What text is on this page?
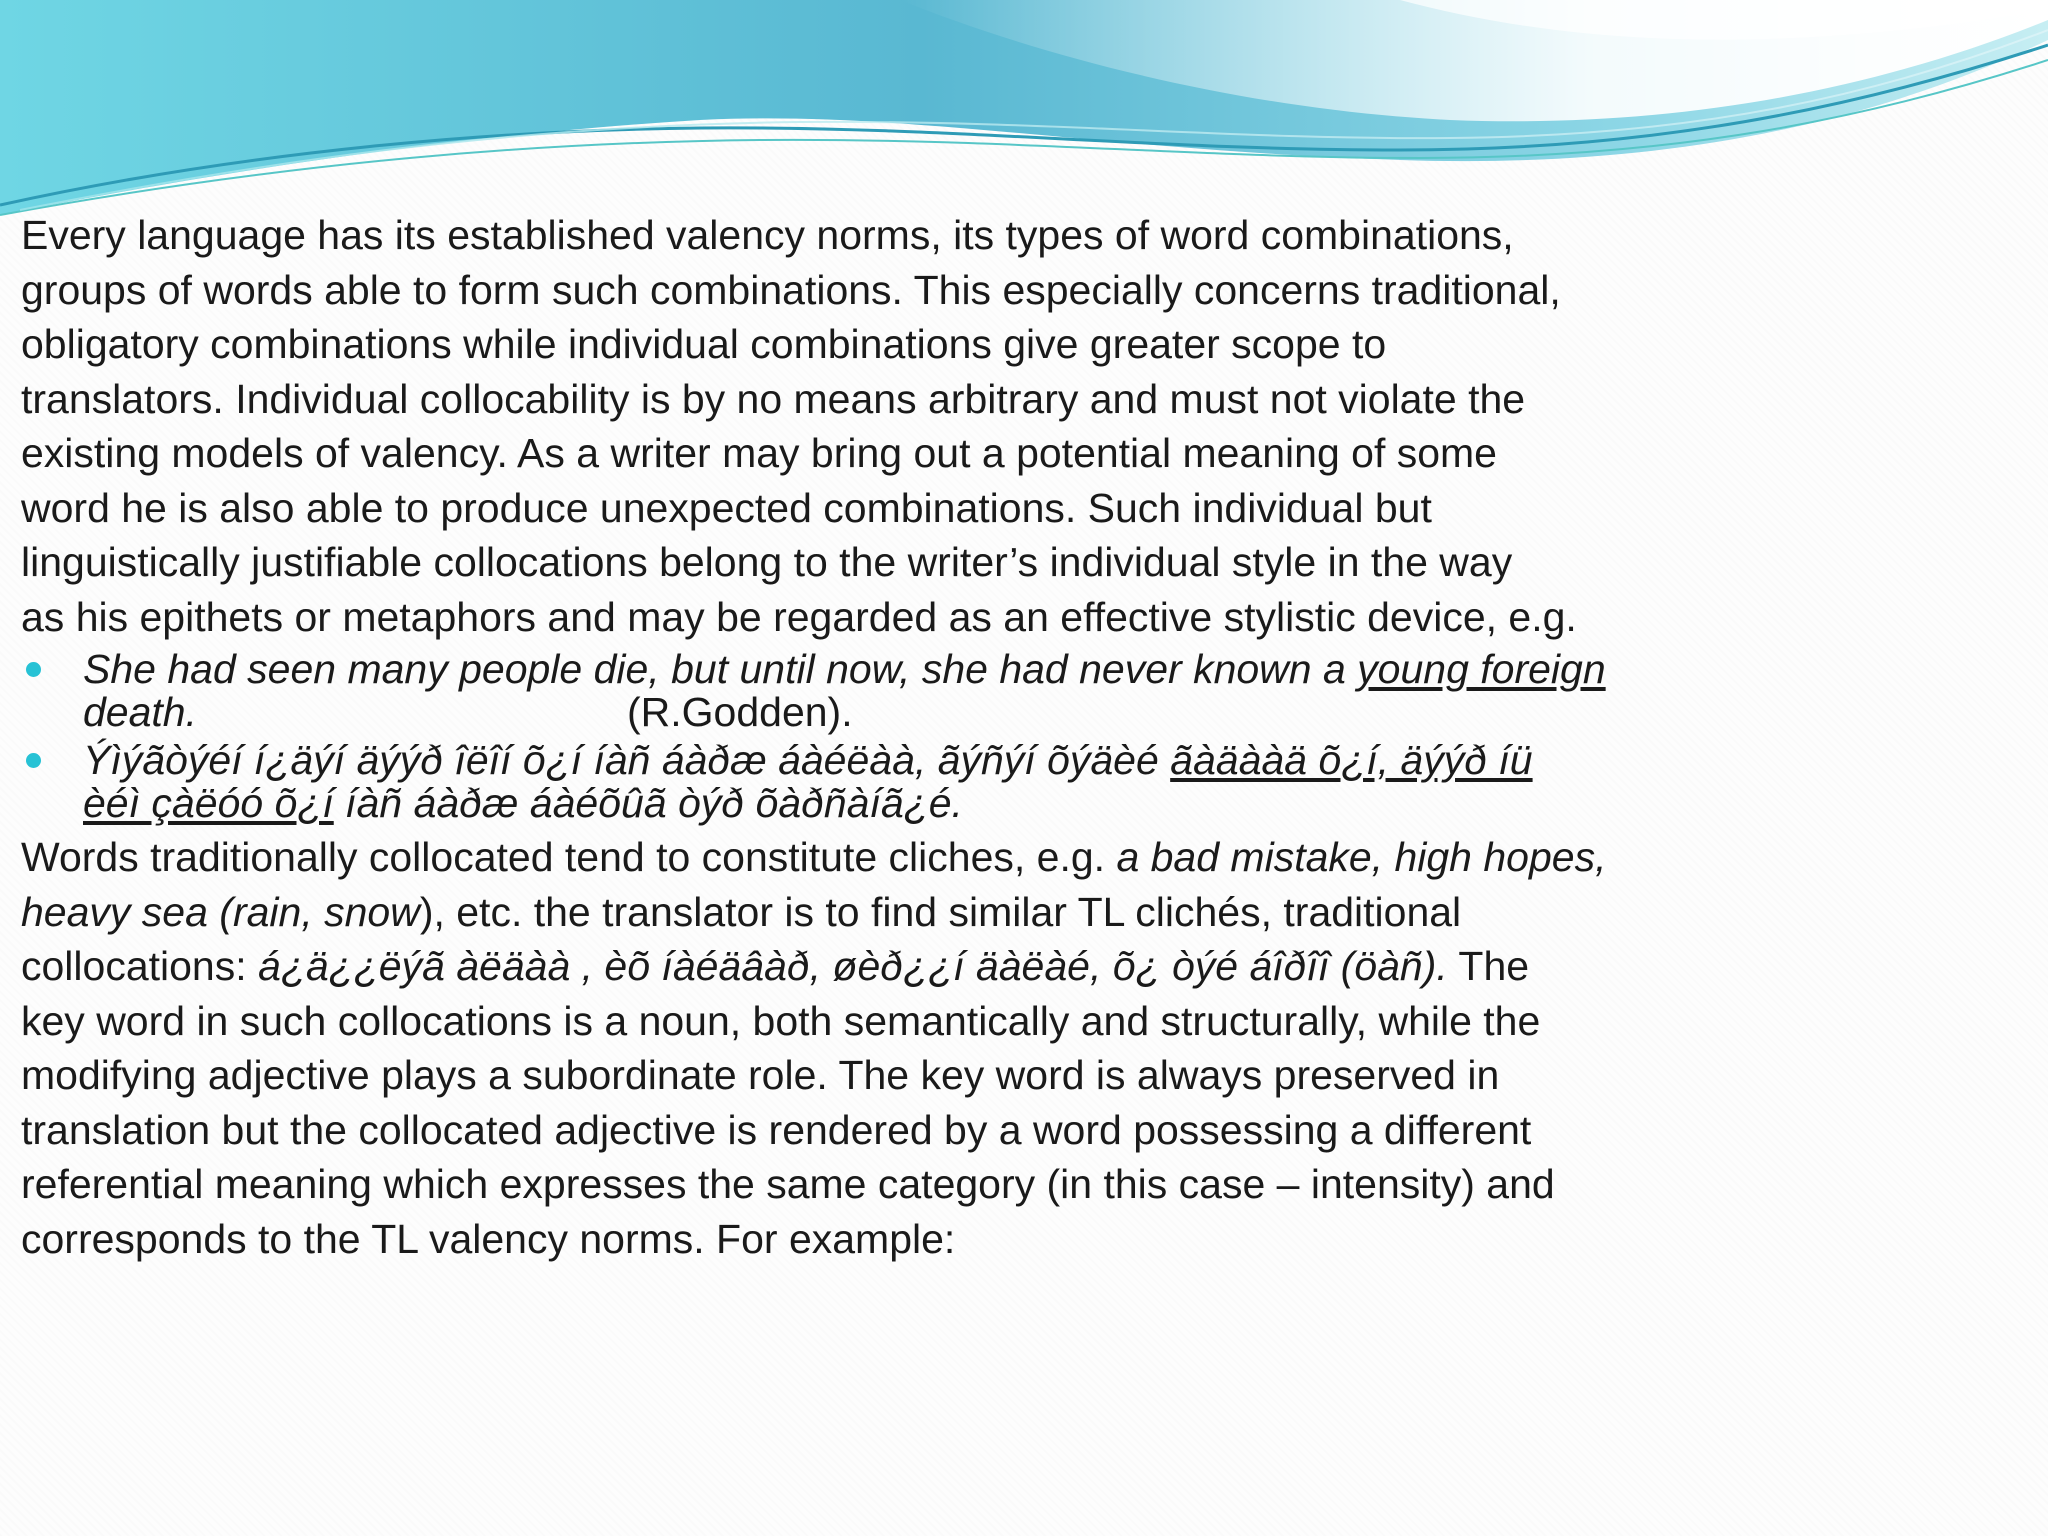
Every language has its established valency norms, its types of word combinations,
groups of words able to form such combinations. This especially concerns traditional,
obligatory combinations while individual combinations give greater scope to
translators. Individual collocability is by no means arbitrary and must not violate the
existing models of valency. As a writer may bring out a potential meaning of some
word he is also able to produce unexpected combinations. Such individual but
linguistically justifiable collocations belong to the writer’s individual style in the way
as his epithets or metaphors and may be regarded as an effective stylistic device, e.g.

She had seen many people die, but until now, she had never known a young foreign
death.	(R.Godden).
Ýìýãòýéí í¿äýí äýýð îëîí õ¿í íàñ áàðæ áàéëàà, ãýñýí õýäèé ãàäààä õ¿í, äýýð íü
èéì çàëóó õ¿í íàñ áàðæ áàéõûã òýð õàðñàíã¿é.

Words traditionally collocated tend to constitute cliches, e.g. a bad mistake, high hopes,
heavy sea (rain, snow), etc. the translator is to find similar TL clichés, traditional
collocations: á¿ä¿¿ëýã àëäàà , èõ íàéäâàð, øèð¿¿í äàëàé, õ¿ òýé áîðîî (öàñ). The
key word in such collocations is a noun, both semantically and structurally, while the
modifying adjective plays a subordinate role. The key word is always preserved in
translation but the collocated adjective is rendered by a word possessing a different
referential meaning which expresses the same category (in this case – intensity) and
corresponds to the TL valency norms. For example:
